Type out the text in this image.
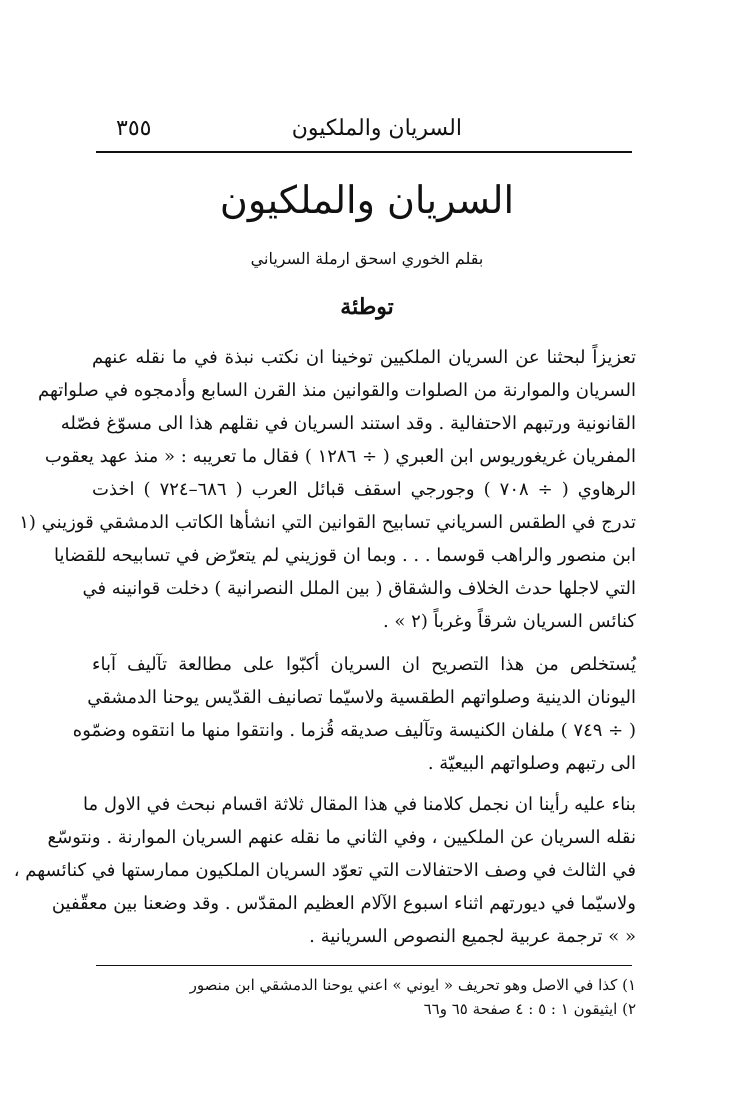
السريان والملكيون
٣٥٥
السريان والملكيون
بقلم الخوري اسحق ارملة السرياني
توطئة
تعزيزاً لبحثنا عن السريان الملكيين توخينا ان نكتب نبذة في ما نقله عنهم
السريان والموارنة من الصلوات والقوانين منذ القرن السابع وأدمجوه في صلواتهم
القانونية ورتبهم الاحتفالية . وقد استند السريان في نقلهم هذا الى مسوّغ فصّله
المفريان غريغوريوس ابن العبري ( ÷ ١٢٨٦ ) فقال ما تعريبه : « منذ عهد يعقوب
الرهاوي ( ÷ ٧٠٨ ) وجورجي اسقف قبائل العرب ( ٦٨٦–٧٢٤ ) اخذت
تدرج في الطقس السرياني تسابيح القوانين التي انشأها الكاتب الدمشقي قوزيني (١
ابن منصور والراهب قوسما . . . وبما ان قوزيني لم يتعرّض في تسابيحه للقضايا
التي لاجلها حدث الخلاف والشقاق ( بين الملل النصرانية ) دخلت قوانينه في
كنائس السريان شرقاً وغرباً (٢ » .
يُستخلص من هذا التصريح ان السريان أكبّوا على مطالعة تآليف آباء
اليونان الدينية وصلواتهم الطقسية ولاسيّما تصانيف القدّيس يوحنا الدمشقي
( ÷ ٧٤٩ ) ملفان الكنيسة وتآليف صديقه قُزما . وانتقوا منها ما انتقوه وضمّوه
الى رتبهم وصلواتهم البيعيّة .
بناء عليه رأينا ان نجمل كلامنا في هذا المقال ثلاثة اقسام نبحث في الاول ما
نقله السريان عن الملكيين ، وفي الثاني ما نقله عنهم السريان الموارنة . ونتوسّع
في الثالث في وصف الاحتفالات التي تعوّد السريان الملكيون ممارستها في كنائسهم ،
ولاسيّما في ديورتهم اثناء اسبوع الآلام العظيم المقدّس . وقد وضعنا بين معقّفين
« » ترجمة عربية لجميع النصوص السريانية .
١) كذا في الاصل وهو تحريف « ايوني » اعني يوحنا الدمشقي ابن منصور
٢) ايثيقون ١ : ٥ : ٤ صفحة ٦٥ و٦٦
